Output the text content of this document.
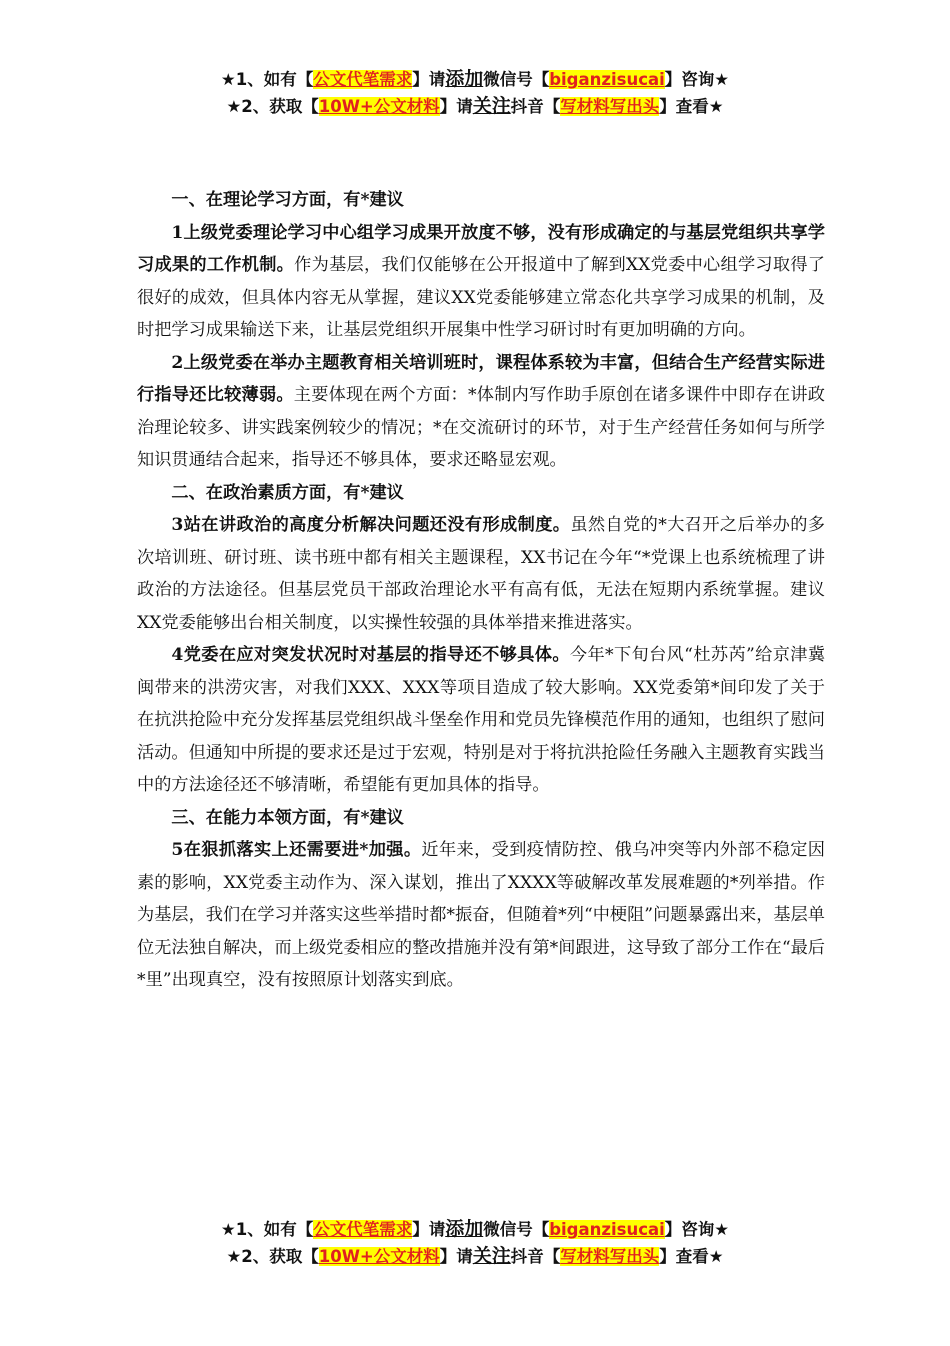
★1、如有【公文代笔需求】请添加微信号【biganzisucai】咨询★
★2、获取【10W+公文材料】请关注抖音【写材料写出头】查看★

一、在理论学习方面，有*建议

1上级党委理论学习中心组学习成果开放度不够，没有形成确定的与基层党组织共享学习成果的工作机制。作为基层，我们仅能够在公开报道中了解到XX党委中心组学习取得了很好的成效，但具体内容无从掌握，建议XX党委能够建立常态化共享学习成果的机制，及时把学习成果输送下来，让基层党组织开展集中性学习研讨时有更加明确的方向。

2上级党委在举办主题教育相关培训班时，课程体系较为丰富，但结合生产经营实际进行指导还比较薄弱。主要体现在两个方面：*体制内写作助手原创在诸多课件中即存在讲政治理论较多、讲实践案例较少的情况；*在交流研讨的环节，对于生产经营任务如何与所学知识贯通结合起来，指导还不够具体，要求还略显宏观。

二、在政治素质方面，有*建议

3站在讲政治的高度分析解决问题还没有形成制度。虽然自党的*大召开之后举办的多次培训班、研讨班、读书班中都有相关主题课程，XX书记在今年“*党课上也系统梳理了讲政治的方法途径。但基层党员干部政治理论水平有高有低，无法在短期内系统掌握。建议XX党委能够出台相关制度，以实操性较强的具体举措来推进落实。

4党委在应对突发状况时对基层的指导还不够具体。今年*下旬台风“杜苏芮”给京津冀闽带来的洪涝灾害，对我们XXX、XXX等项目造成了较大影响。XX党委第*间印发了关于在抗洪抢险中充分发挥基层党组织战斗堡垒作用和党员先锋模范作用的通知，也组织了慰问活动。但通知中所提的要求还是过于宏观，特别是对于将抗洪抢险任务融入主题教育实践当中的方法途径还不够清晰，希望能有更加具体的指导。

三、在能力本领方面，有*建议

5在狠抓落实上还需要进*加强。近年来，受到疫情防控、俄乌冲突等内外部不稳定因素的影响，XX党委主动作为、深入谋划，推出了XXXX等破解改革发展难题的*列举措。作为基层，我们在学习并落实这些举措时都*振奋，但随着*列“中梗阻”问题暴露出来，基层单位无法独自解决，而上级党委相应的整改措施并没有第*间跟进，这导致了部分工作在“最后*里”出现真空，没有按照原计划落实到底。

★1、如有【公文代笔需求】请添加微信号【biganzisucai】咨询★
★2、获取【10W+公文材料】请关注抖音【写材料写出头】查看★
